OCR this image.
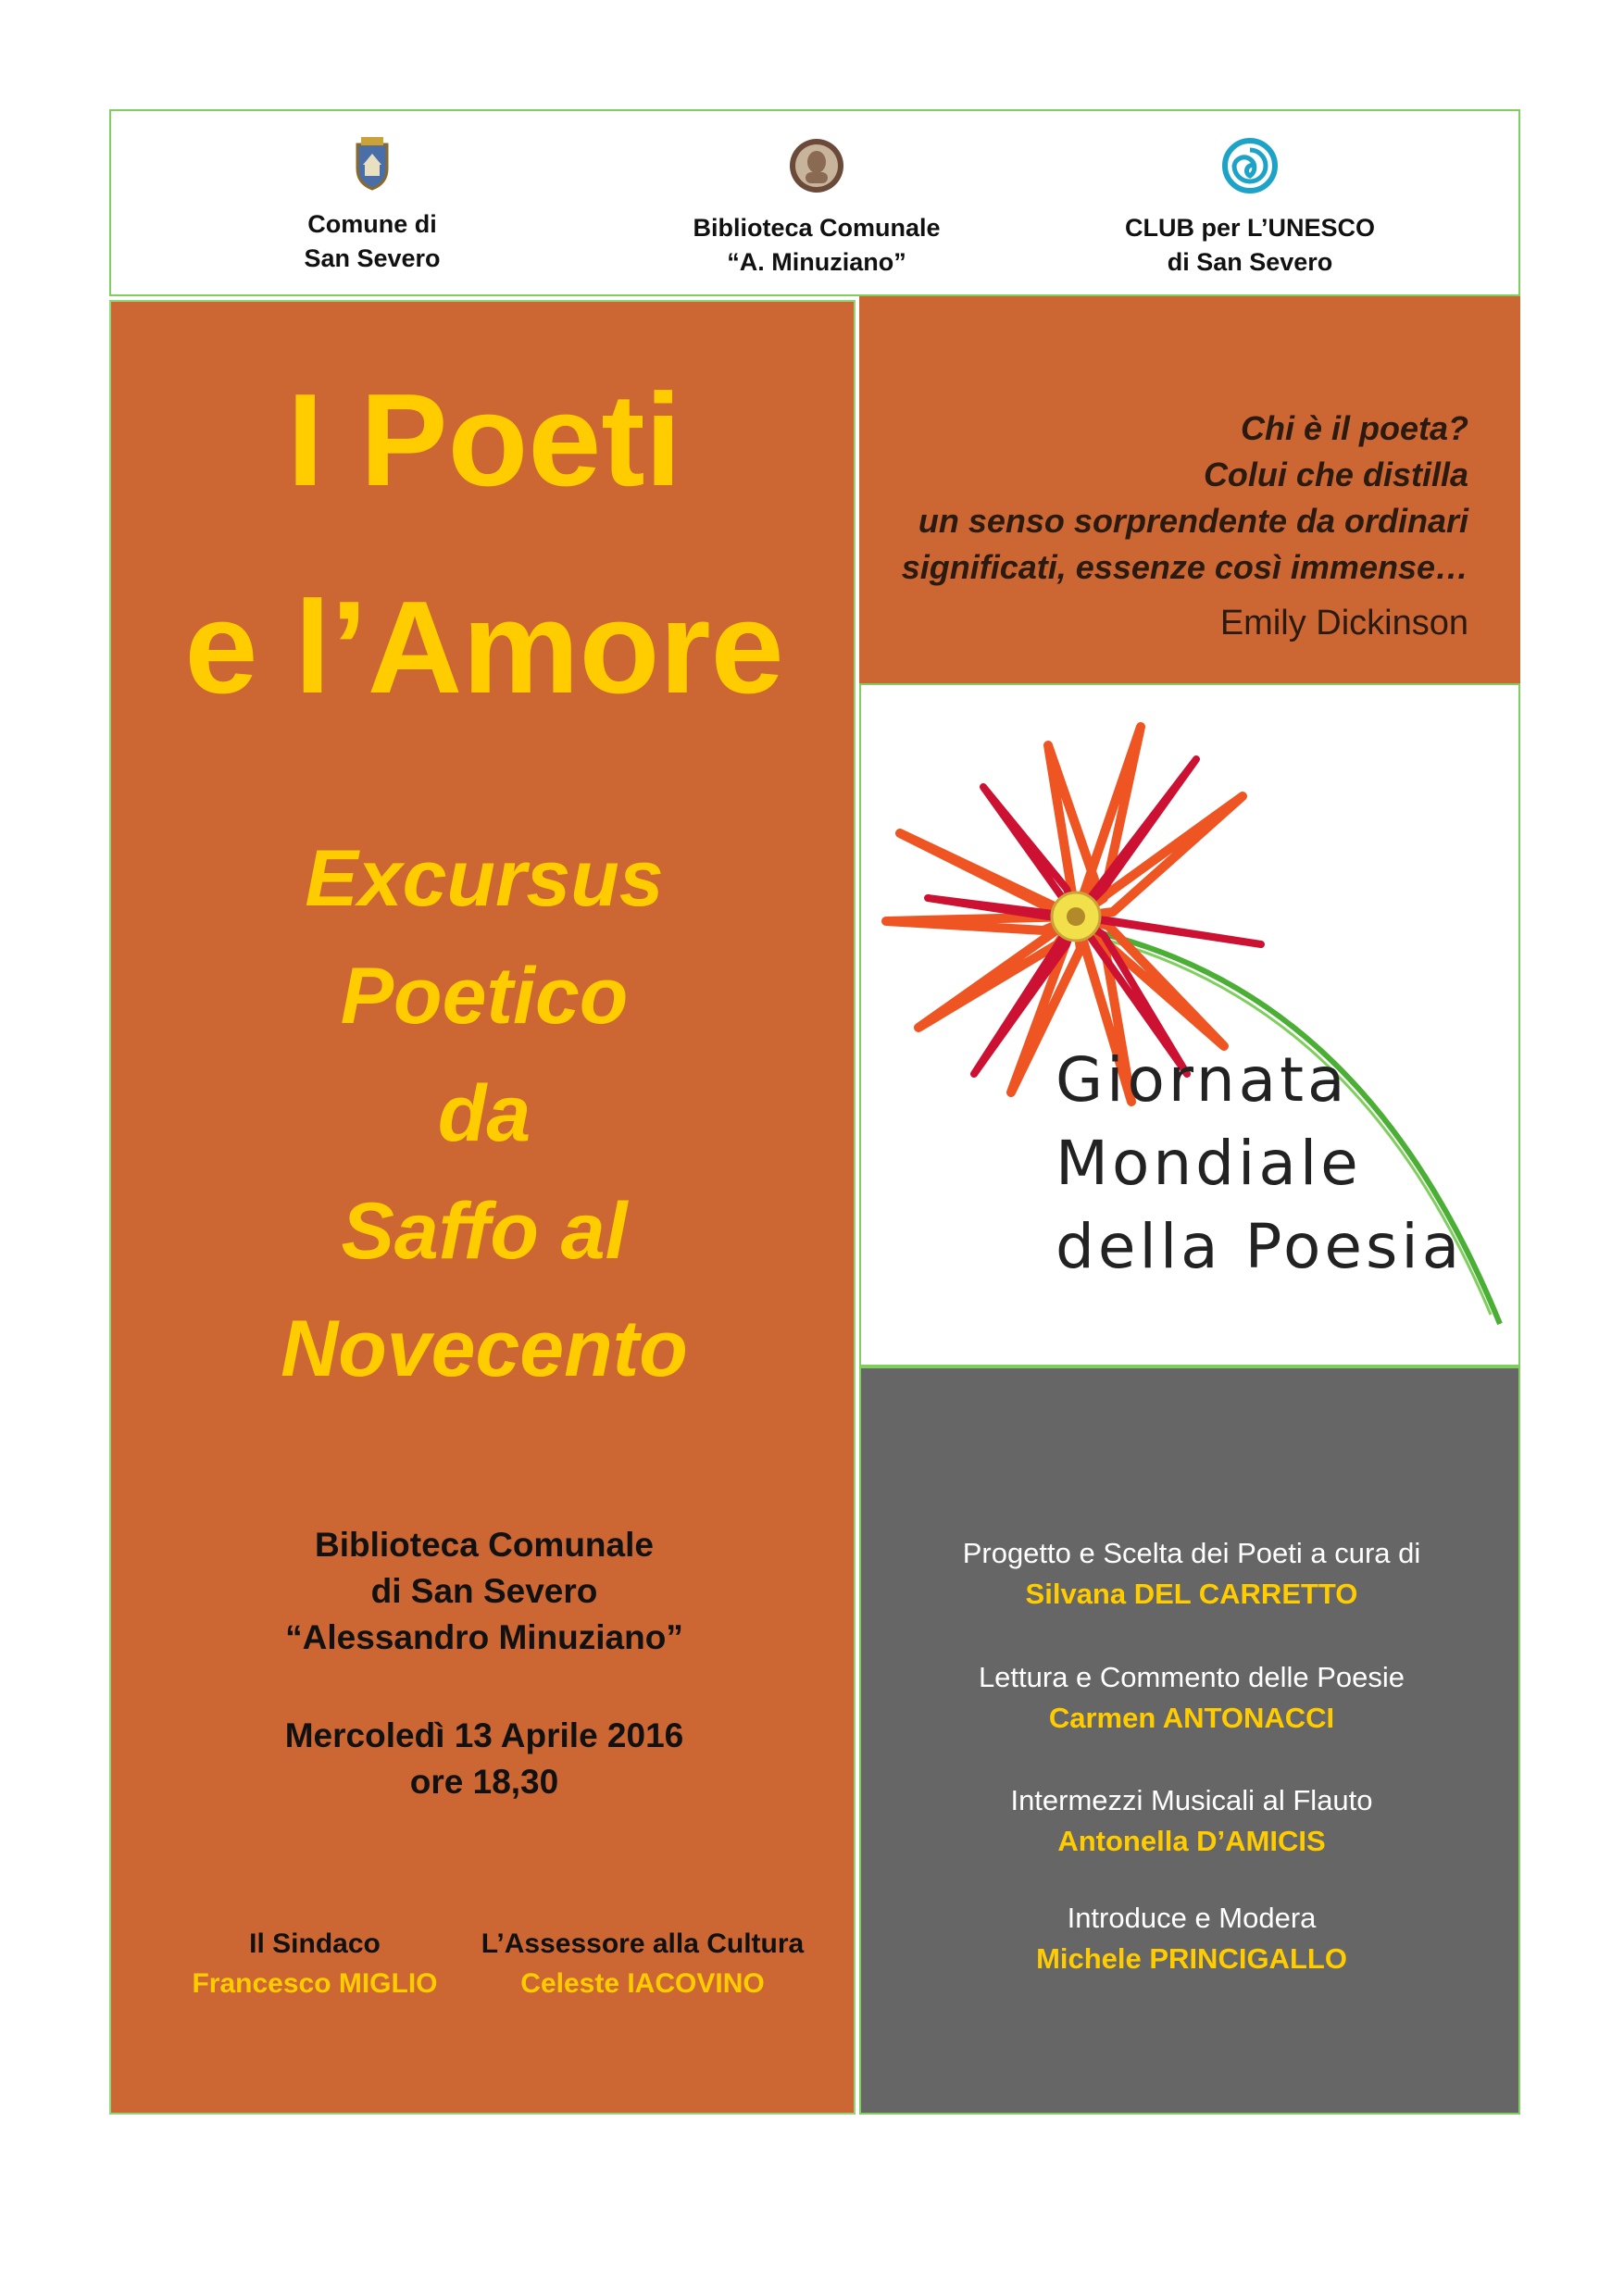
Comune di
San Severo
Biblioteca Comunale
“A. Minuziano”
CLUB per L’UNESCO
di San Severo
I Poeti
e l’Amore
Excursus
Poetico
da
Saffo al
Novecento
Biblioteca Comunale
di San Severo
“Alessandro Minuziano”
Mercoledì 13 Aprile 2016
ore 18,30
Il Sindaco
Francesco MIGLIO
L’Assessore alla Cultura
Celeste IACOVINO
Chi è il poeta?
Colui che distilla
un senso sorprendente da ordinari
significati, essenze così immense…
Emily Dickinson
Giornata
Mondiale
della Poesia
Progetto e Scelta dei Poeti a cura di
Silvana DEL CARRETTO
Lettura e Commento delle Poesie
Carmen ANTONACCI
Intermezzi Musicali al Flauto
Antonella D’AMICIS
Introduce e Modera
Michele PRINCIGALLO
